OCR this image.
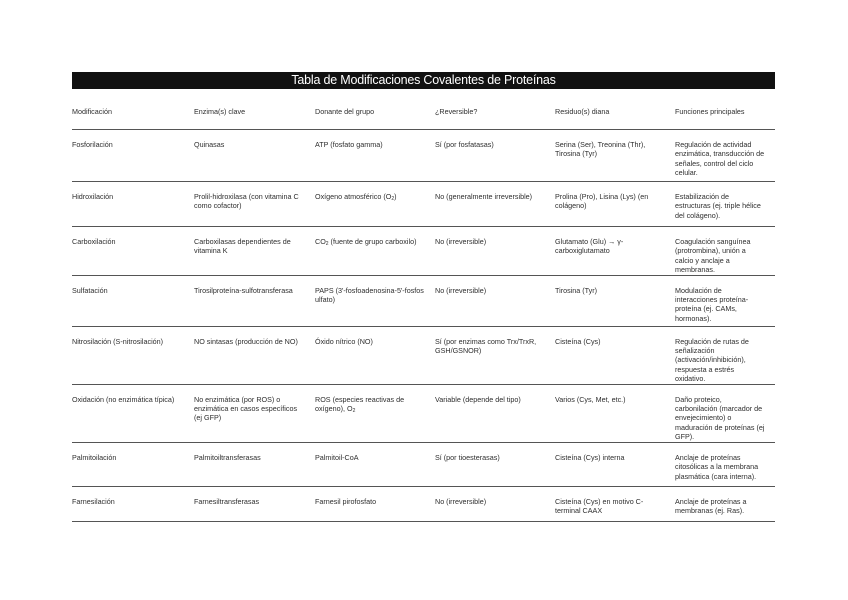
Tabla de Modificaciones Covalentes de Proteínas
Modificación	Enzima(s) clave	Donante del grupo	¿Reversible?	Residuo(s) diana	Funciones principales
Fosforilación	Quinasas	ATP (fosfato gamma)	Sí (por fosfatasas)	Serina (Ser), Treonina (Thr), Tirosina (Tyr)	Regulación de actividad enzimática, transducción de señales, control del ciclo celular.
Hidroxilación	Prolil-hidroxilasa (con vitamina C como cofactor)	Oxígeno atmosférico $(O_2)$	No (generalmente irreversible)	Prolina (Pro), Lisina (Lys) (en colágeno)	Estabilización de estructuras (ej. triple hélice del colágeno).
Carboxilación	Carboxilasas dependientes de vitamina K	$CO_2$ (fuente de grupo carboxilo)	No (irreversible)	Glutamato (Glu) → γ-carboxiglutamato	Coagulación sanguínea (protrombina), unión a calcio y anclaje a membranas.
Sulfatación	Tirosilproteína-sulfotransferasa	PAPS (3'-fosfoadenosina-5'-fosfosulfato)	No (irreversible)	Tirosina (Tyr)	Modulación de interacciones proteína-proteína (ej. CAMs, hormonas).
Nitrosilación (S-nitrosilación)	NO sintasas (producción de NO)	Óxido nítrico (NO)	Sí (por enzimas como Trx/TrxR, GSH/GSNOR)	Cisteína (Cys)	Regulación de rutas de señalización (activación/inhibición), respuesta a estrés oxidativo.
Oxidación (no enzimática típica)	No enzimática (por ROS) o enzimática en casos específicos (ej GFP)	ROS (especies reactivas de oxígeno), $O_2$	Variable (depende del tipo)	Varios (Cys, Met, etc.)	Daño proteico, carbonilación (marcador de envejecimiento) o maduración de proteínas (ej GFP).
Palmitoilación	Palmitoiltransferasas	Palmitoil-CoA	Sí (por tioesterasas)	Cisteína (Cys) interna	Anclaje de proteínas citosólicas a la membrana plasmática (cara interna).
Farnesilación	Farnesiltransferasas	Farnesil pirofosfato	No (irreversible)	Cisteína (Cys) en motivo C-terminal CAAX	Anclaje de proteínas a membranas (ej. Ras).
